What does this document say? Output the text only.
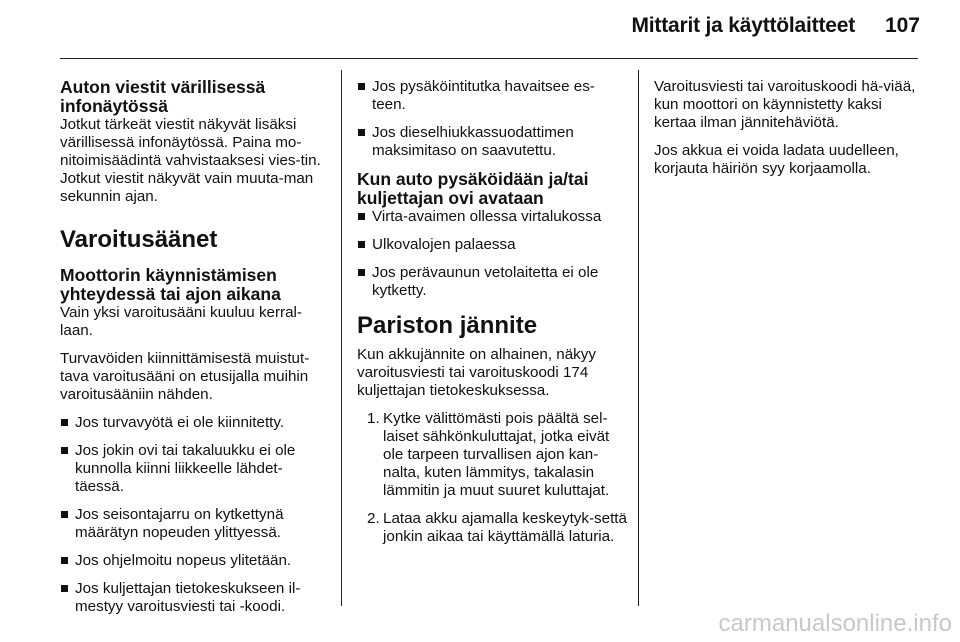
Mittarit ja käyttölaitteet 107
Auton viestit värillisessä infonäytössä

Jotkut tärkeät viestit näkyvät lisäksi värillisessä infonäytössä. Paina mo-nitoimisäädintä vahvistaaksesi vies-tin. Jotkut viestit näkyvät vain muuta-man sekunnin ajan.

Varoitusäänet
Moottorin käynnistämisen yhteydessä tai ajon aikana

Vain yksi varoitusääni kuuluu kerral-laan.

Turvavöiden kiinnittämisestä muistut-tava varoitusääni on etusijalla muihin varoitusääniin nähden.

Jos turvavyötä ei ole kiinnitetty.
Jos jokin ovi tai takaluukku ei ole kunnolla kiinni liikkeelle lähdet-täessä.
Jos seisontajarru on kytkettynä määrätyn nopeuden ylittyessä.
Jos ohjelmoitu nopeus ylitetään.
Jos kuljettajan tietokeskukseen il-mestyy varoitusviesti tai -koodi.
Jos pysäköintitutka havaitsee es-teen.
Jos dieselhiukkassuodattimen maksimitaso on saavutettu.
Kun auto pysäköidään ja/tai kuljettajan ovi avataan
Virta-avaimen ollessa virtalukossa
Ulkovalojen palaessa
Jos perävaunun vetolaitetta ei ole kytketty.
Pariston jännite

Kun akkujännite on alhainen, näkyy varoitusviesti tai varoituskoodi 174 kuljettajan tietokeskuksessa.

1. Kytke välittömästi pois päältä sel-laiset sähkönkuluttajat, jotka eivät ole tarpeen turvallisen ajon kan-nalta, kuten lämmitys, takalasin lämmitin ja muut suuret kuluttajat.
2. Lataa akku ajamalla keskeytyk-settä jonkin aikaa tai käyttämällä laturia.

Varoitusviesti tai varoituskoodi hä-viää, kun moottori on käynnistetty kaksi kertaa ilman jännitehäviötä.

Jos akkua ei voida ladata uudelleen, korjauta häiriön syy korjaamolla.

carmanualsonline.info
